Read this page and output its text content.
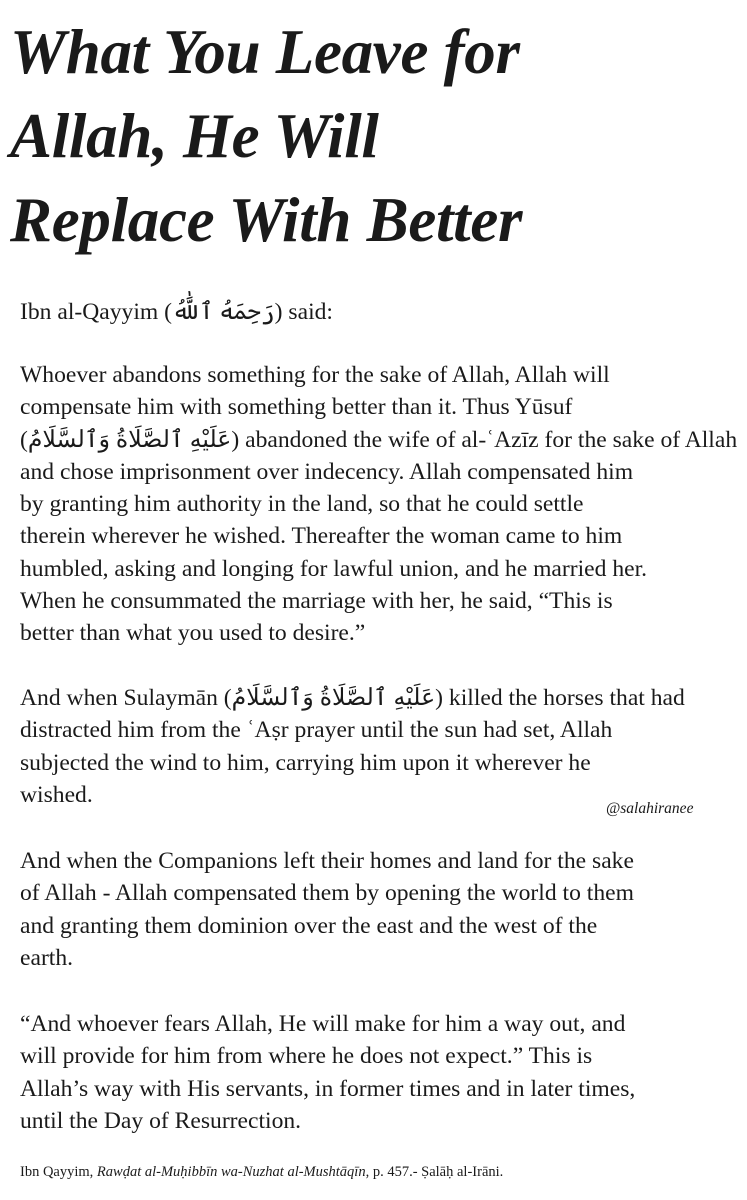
What You Leave for
Allah, He Will
Replace With Better

Ibn al-Qayyim (رَحِمَهُ ٱللَّٰهُ) said:

Whoever abandons something for the sake of Allah, Allah will
compensate him with something better than it. Thus Yūsuf
(عَلَيْهِ ٱلصَّلَاةُ وَٱلسَّلَامُ) abandoned the wife of al-ʿAzīz for the sake of Allah
and chose imprisonment over indecency. Allah compensated him
by granting him authority in the land, so that he could settle
therein wherever he wished. Thereafter the woman came to him
humbled, asking and longing for lawful union, and he married her.
When he consummated the marriage with her, he said, “This is
better than what you used to desire.”

And when Sulaymān (عَلَيْهِ ٱلصَّلَاةُ وَٱلسَّلَامُ) killed the horses that had
distracted him from the ʿAṣr prayer until the sun had set, Allah
subjected the wind to him, carrying him upon it wherever he
wished.

@salahiranee

And when the Companions left their homes and land for the sake
of Allah - Allah compensated them by opening the world to them
and granting them dominion over the east and the west of the
earth.

“And whoever fears Allah, He will make for him a way out, and
will provide for him from where he does not expect.” This is
Allah’s way with His servants, in former times and in later times,
until the Day of Resurrection.

Ibn Qayyim, Rawḍat al-Muḥibbīn wa-Nuzhat al-Mushtāqīn, p. 457.- Ṣalāḥ al-Irāni.
